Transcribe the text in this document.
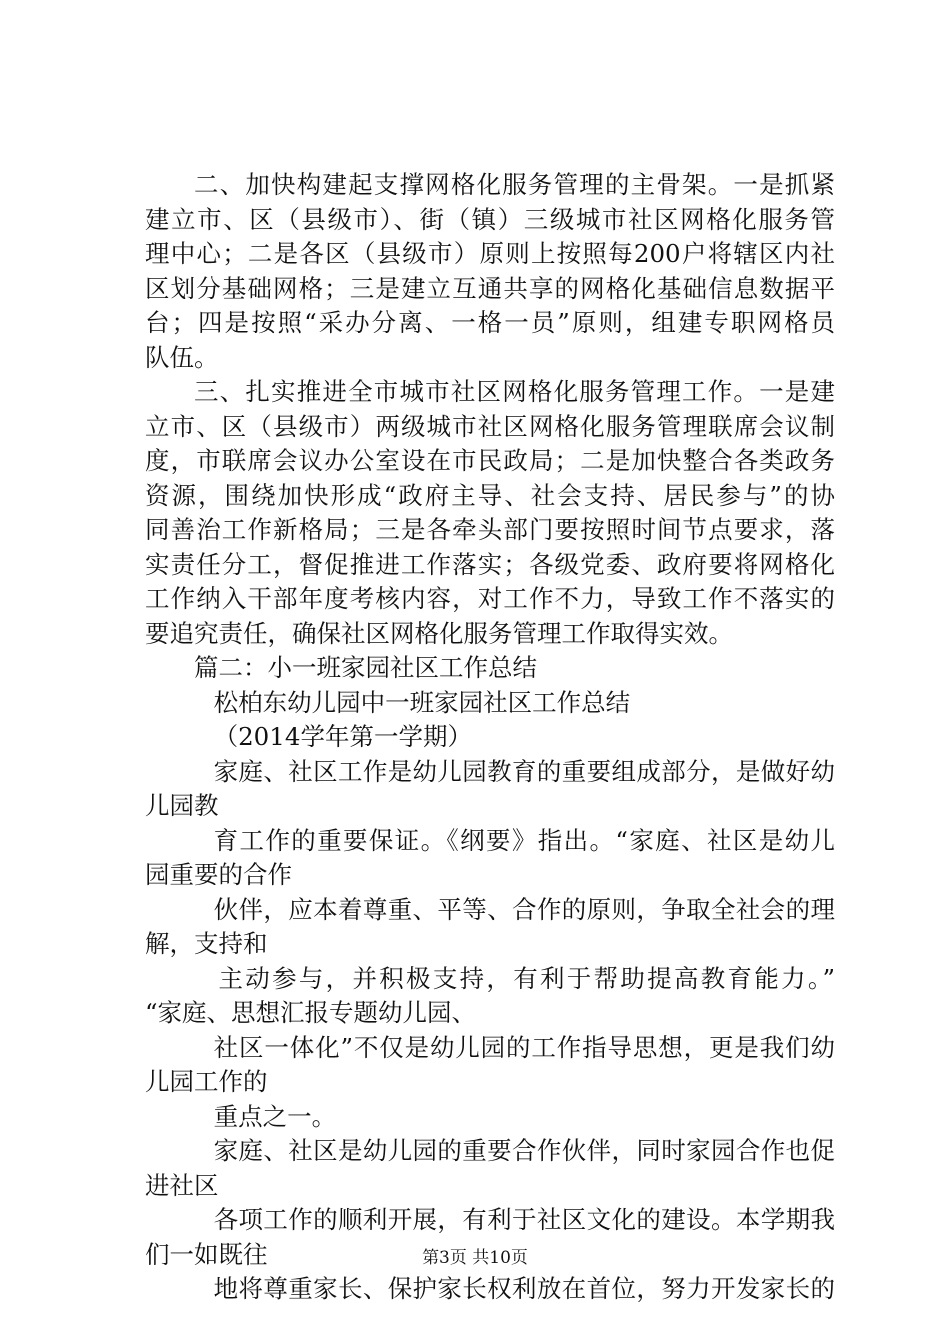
二、加快构建起支撑网格化服务管理的主骨架。一是抓紧
建立市、区（县级市）、街（镇）三级城市社区网格化服务管
理中心；二是各区（县级市）原则上按照每200户将辖区内社
区划分基础网格；三是建立互通共享的网格化基础信息数据平
台；四是按照“采办分离、一格一员”原则，组建专职网格员
队伍。
三、扎实推进全市城市社区网格化服务管理工作。一是建
立市、区（县级市）两级城市社区网格化服务管理联席会议制
度，市联席会议办公室设在市民政局；二是加快整合各类政务
资源，围绕加快形成“政府主导、社会支持、居民参与”的协
同善治工作新格局；三是各牵头部门要按照时间节点要求，落
实责任分工，督促推进工作落实；各级党委、政府要将网格化
工作纳入干部年度考核内容，对工作不力，导致工作不落实的
要追究责任，确保社区网格化服务管理工作取得实效。
篇二：小一班家园社区工作总结
松柏东幼儿园中一班家园社区工作总结
（2014学年第一学期）
家庭、社区工作是幼儿园教育的重要组成部分，是做好幼
儿园教
育工作的重要保证。《纲要》指出。“家庭、社区是幼儿
园重要的合作
伙伴，应本着尊重、平等、合作的原则，争取全社会的理
解，支持和
主动参与，并积极支持，有利于帮助提高教育能力。”
“家庭、思想汇报专题幼儿园、
社区一体化”不仅是幼儿园的工作指导思想，更是我们幼
儿园工作的
重点之一。
家庭、社区是幼儿园的重要合作伙伴，同时家园合作也促
进社区
各项工作的顺利开展，有利于社区文化的建设。本学期我
们一如既往
地将尊重家长、保护家长权利放在首位，努力开发家长的
第3页 共10页
